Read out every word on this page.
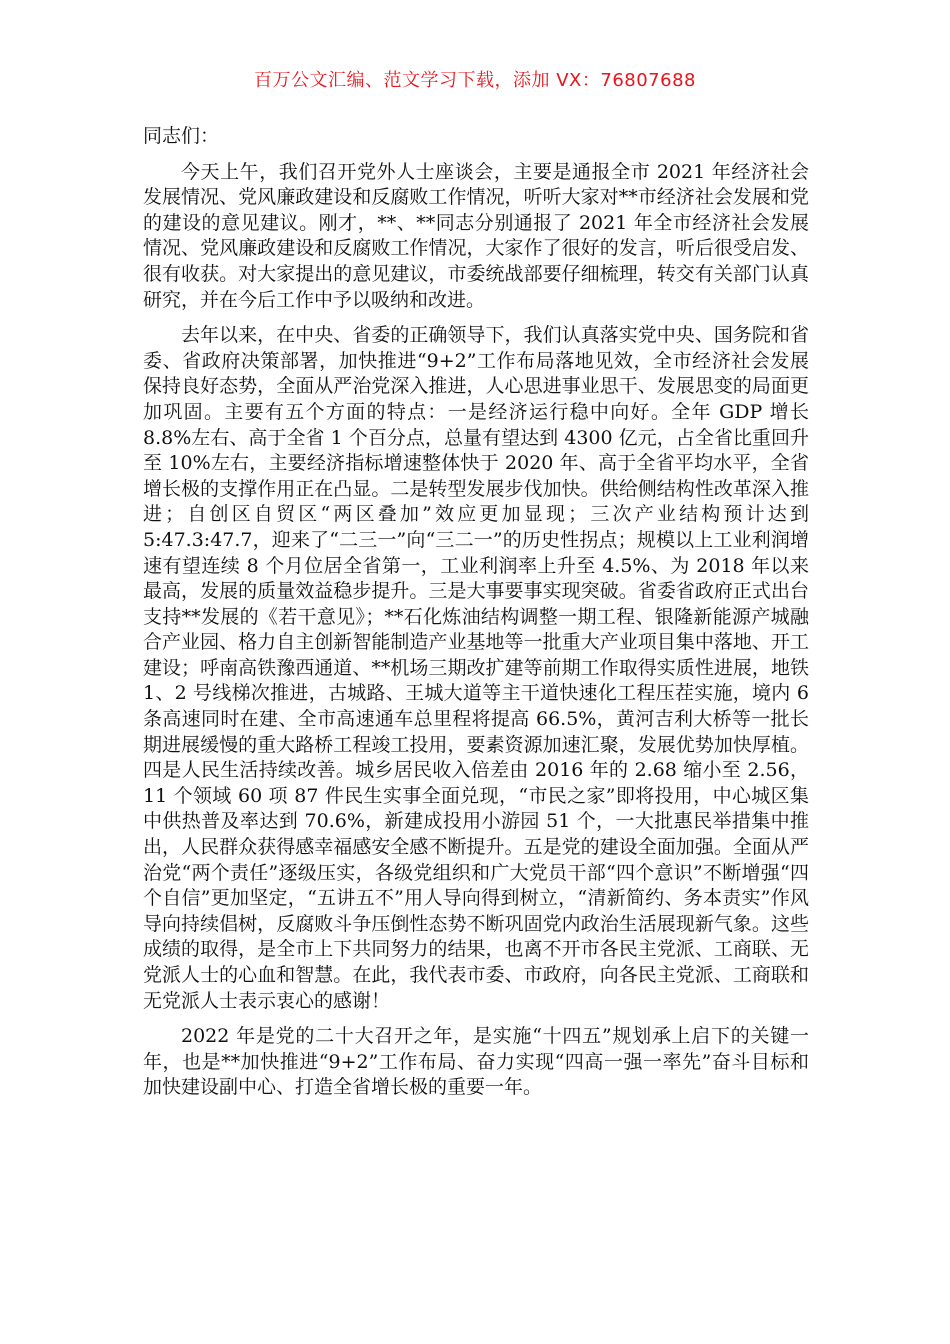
百万公文汇编、范文学习下载，添加 VX：76807688

同志们：

今天上午，我们召开党外人士座谈会，主要是通报全市 2021 年经济社会发展情况、党风廉政建设和反腐败工作情况，听听大家对**市经济社会发展和党的建设的意见建议。刚才，**、**同志分别通报了 2021 年全市经济社会发展情况、党风廉政建设和反腐败工作情况，大家作了很好的发言，听后很受启发、很有收获。对大家提出的意见建议，市委统战部要仔细梳理，转交有关部门认真研究，并在今后工作中予以吸纳和改进。

去年以来，在中央、省委的正确领导下，我们认真落实党中央、国务院和省委、省政府决策部署，加快推进“9+2”工作布局落地见效，全市经济社会发展保持良好态势，全面从严治党深入推进，人心思进事业思干、发展思变的局面更加巩固。主要有五个方面的特点：一是经济运行稳中向好。全年 GDP 增长 8.8%左右、高于全省 1 个百分点，总量有望达到 4300 亿元，占全省比重回升至 10%左右，主要经济指标增速整体快于 2020 年、高于全省平均水平，全省增长极的支撑作用正在凸显。二是转型发展步伐加快。供给侧结构性改革深入推进；自创区自贸区“两区叠加”效应更加显现；三次产业结构预计达到 5:47.3:47.7，迎来了“二三一”向“三二一”的历史性拐点；规模以上工业利润增速有望连续 8 个月位居全省第一，工业利润率上升至 4.5%、为 2018 年以来最高，发展的质量效益稳步提升。三是大事要事实现突破。省委省政府正式出台支持**发展的《若干意见》；**石化炼油结构调整一期工程、银隆新能源产城融合产业园、格力自主创新智能制造产业基地等一批重大产业项目集中落地、开工建设；呼南高铁豫西通道、**机场三期改扩建等前期工作取得实质性进展，地铁 1、2 号线梯次推进，古城路、王城大道等主干道快速化工程压茬实施，境内 6 条高速同时在建、全市高速通车总里程将提高 66.5%，黄河吉利大桥等一批长期进展缓慢的重大路桥工程竣工投用，要素资源加速汇聚，发展优势加快厚植。四是人民生活持续改善。城乡居民收入倍差由 2016 年的 2.68 缩小至 2.56，11 个领域 60 项 87 件民生实事全面兑现，“市民之家”即将投用，中心城区集中供热普及率达到 70.6%，新建成投用小游园 51 个，一大批惠民举措集中推出，人民群众获得感幸福感安全感不断提升。五是党的建设全面加强。全面从严治党“两个责任”逐级压实，各级党组织和广大党员干部“四个意识”不断增强“四个自信”更加坚定，“五讲五不”用人导向得到树立，“清新简约、务本责实”作风导向持续倡树，反腐败斗争压倒性态势不断巩固党内政治生活展现新气象。这些成绩的取得，是全市上下共同努力的结果，也离不开市各民主党派、工商联、无党派人士的心血和智慧。在此，我代表市委、市政府，向各民主党派、工商联和无党派人士表示衷心的感谢！

2022 年是党的二十大召开之年，是实施“十四五”规划承上启下的关键一年，也是**加快推进“9+2”工作布局、奋力实现“四高一强一率先”奋斗目标和加快建设副中心、打造全省增长极的重要一年。
